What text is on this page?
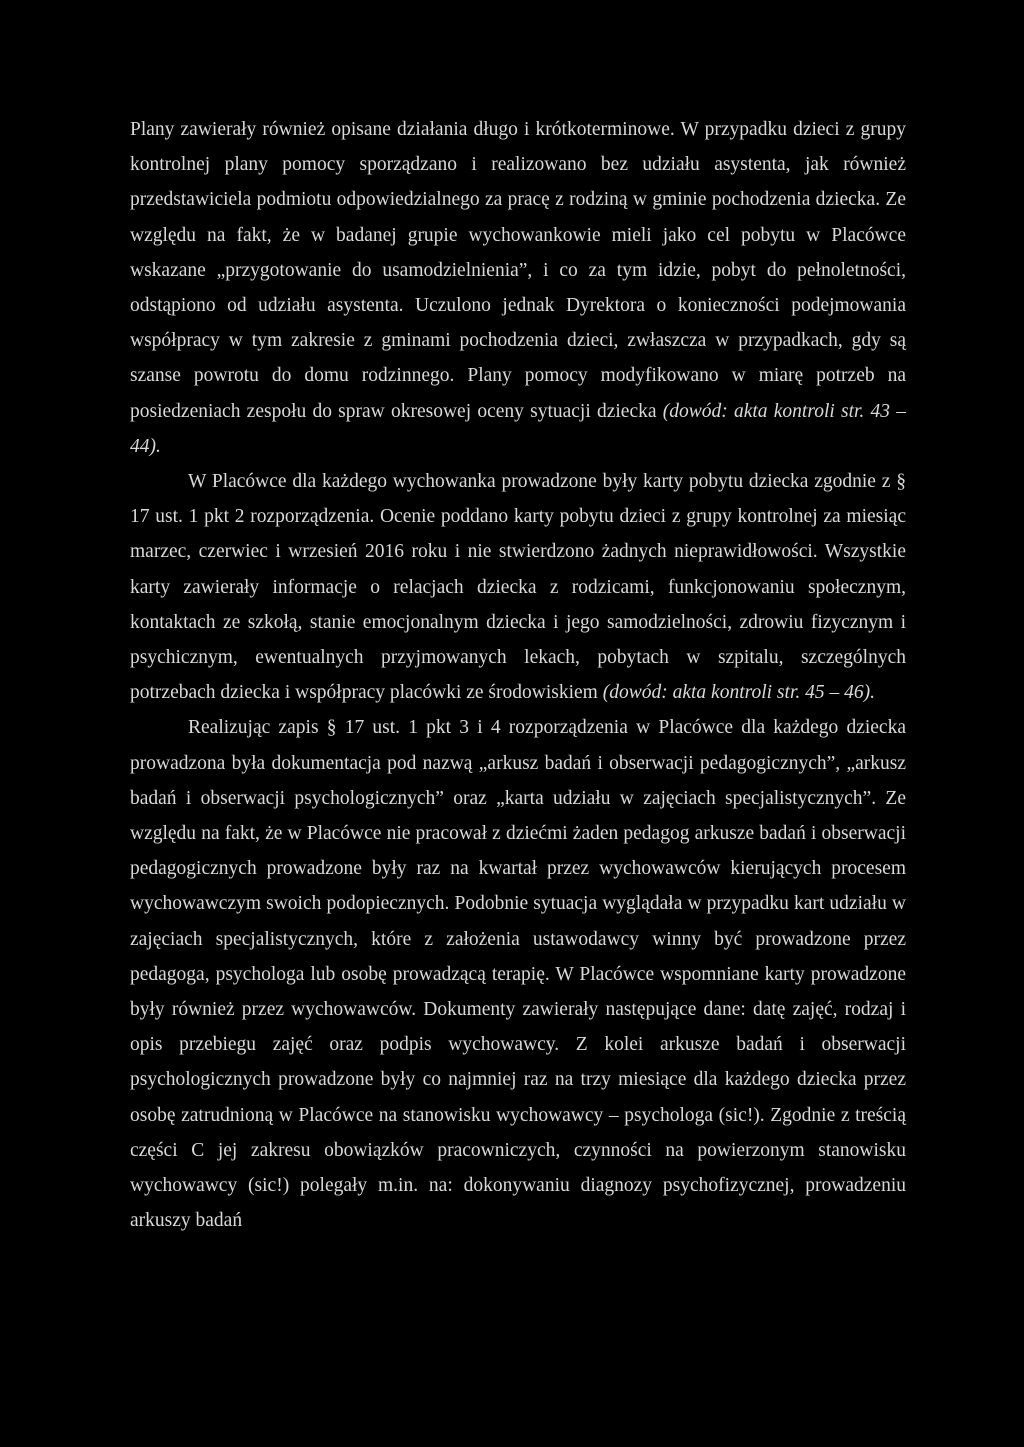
Plany zawierały również opisane działania długo i krótkoterminowe. W przypadku dzieci z grupy kontrolnej plany pomocy sporządzano i realizowano bez udziału asystenta, jak również przedstawiciela podmiotu odpowiedzialnego za pracę z rodziną w gminie pochodzenia dziecka. Ze względu na fakt, że w badanej grupie wychowankowie mieli jako cel pobytu w Placówce wskazane „przygotowanie do usamodzielnienia”, i co za tym idzie, pobyt do pełnoletności, odstąpiono od udziału asystenta. Uczulono jednak Dyrektora o konieczności podejmowania współpracy w tym zakresie z gminami pochodzenia dzieci, zwłaszcza w przypadkach, gdy są szanse powrotu do domu rodzinnego. Plany pomocy modyfikowano w miarę potrzeb na posiedzeniach zespołu do spraw okresowej oceny sytuacji dziecka (dowód: akta kontroli str. 43 – 44).

W Placówce dla każdego wychowanka prowadzone były karty pobytu dziecka zgodnie z § 17 ust. 1 pkt 2 rozporządzenia. Ocenie poddano karty pobytu dzieci z grupy kontrolnej za miesiąc marzec, czerwiec i wrzesień 2016 roku i nie stwierdzono żadnych nieprawidłowości. Wszystkie karty zawierały informacje o relacjach dziecka z rodzicami, funkcjonowaniu społecznym, kontaktach ze szkołą, stanie emocjonalnym dziecka i jego samodzielności, zdrowiu fizycznym i psychicznym, ewentualnych przyjmowanych lekach, pobytach w szpitalu, szczególnych potrzebach dziecka i współpracy placówki ze środowiskiem (dowód: akta kontroli str. 45 – 46).

Realizując zapis § 17 ust. 1 pkt 3 i 4 rozporządzenia w Placówce dla każdego dziecka prowadzona była dokumentacja pod nazwą „arkusz badań i obserwacji pedagogicznych”, „arkusz badań i obserwacji psychologicznych” oraz „karta udziału w zajęciach specjalistycznych”. Ze względu na fakt, że w Placówce nie pracował z dziećmi żaden pedagog arkusze badań i obserwacji pedagogicznych prowadzone były raz na kwartał przez wychowawców kierujących procesem wychowawczym swoich podopiecznych. Podobnie sytuacja wyglądała w przypadku kart udziału w zajęciach specjalistycznych, które z założenia ustawodawcy winny być prowadzone przez pedagoga, psychologa lub osobę prowadzącą terapię. W Placówce wspomniane karty prowadzone były również przez wychowawców. Dokumenty zawierały następujące dane: datę zajęć, rodzaj i opis przebiegu zajęć oraz podpis wychowawcy. Z kolei arkusze badań i obserwacji psychologicznych prowadzone były co najmniej raz na trzy miesiące dla każdego dziecka przez osobę zatrudnioną w Placówce na stanowisku wychowawcy – psychologa (sic!). Zgodnie z treścią części C jej zakresu obowiązków pracowniczych, czynności na powierzonym stanowisku wychowawcy (sic!) polegały m.in. na: dokonywaniu diagnozy psychofizycznej, prowadzeniu arkuszy badań
